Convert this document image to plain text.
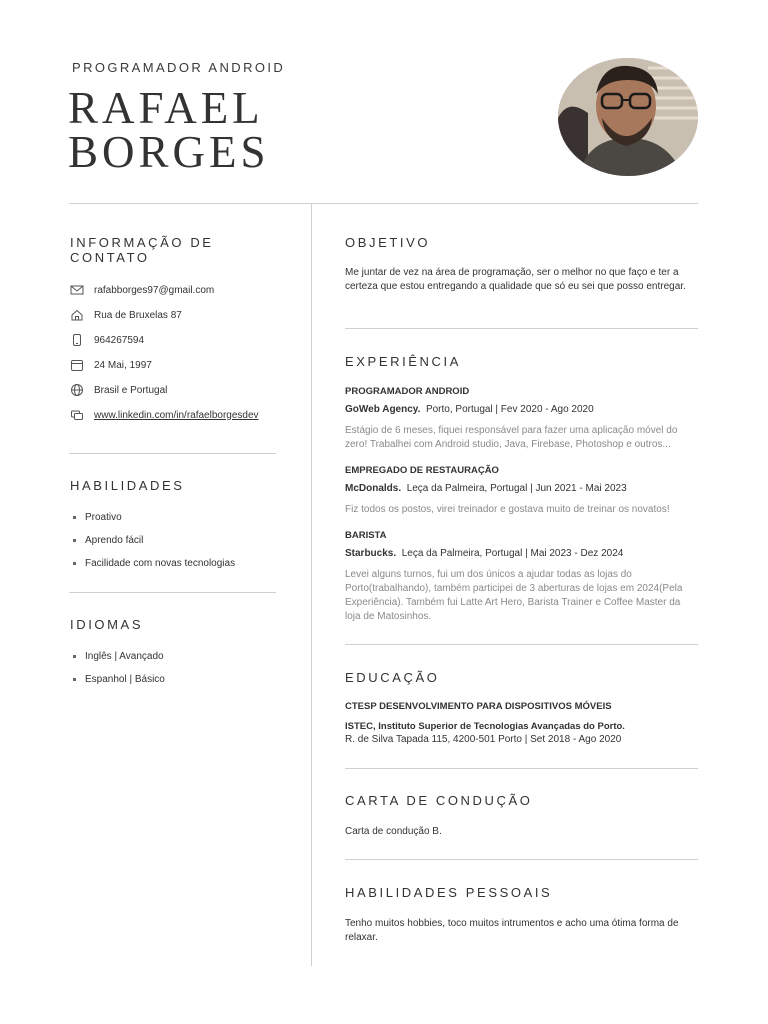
PROGRAMADOR ANDROID
RAFAEL
BORGES
INFORMAÇÃO DE CONTATO
rafabborges97@gmail.com
Rua de Bruxelas 87
964267594
24 Mai, 1997
Brasil e Portugal
www.linkedin.com/in/rafaelborgesdev
HABILIDADES
Proativo
Aprendo fácil
Facilidade com novas tecnologias
IDIOMAS
Inglês | Avançado
Espanhol | Básico
OBJETIVO
Me juntar de vez na área de programação, ser o melhor no que faço e ter a certeza que estou entregando a qualidade que só eu sei que posso entregar.
EXPERIÊNCIA
PROGRAMADOR ANDROID
GoWeb Agency. Porto, Portugal | Fev 2020 - Ago 2020
Estágio de 6 meses, fiquei responsável para fazer uma aplicação móvel do zero! Trabalhei com Android studio, Java, Firebase, Photoshop e outros...
EMPREGADO DE RESTAURAÇÃO
McDonalds. Leça da Palmeira, Portugal | Jun 2021 - Mai 2023
Fiz todos os postos, virei treinador e gostava muito de treinar os novatos!
BARISTA
Starbucks. Leça da Palmeira, Portugal | Mai 2023 - Dez 2024
Levei alguns turnos, fui um dos únicos a ajudar todas as lojas do Porto(trabalhando), também participei de 3 aberturas de lojas em 2024(Pela Experiência). Também fui Latte Art Hero, Barista Trainer e Coffee Master da loja de Matosinhos.
EDUCAÇÃO
CTESP DESENVOLVIMENTO PARA DISPOSITIVOS MÓVEIS
ISTEC, Instituto Superior de Tecnologias Avançadas do Porto.
R. de Silva Tapada 115, 4200-501 Porto | Set 2018 - Ago 2020
CARTA DE CONDUÇÃO
Carta de condução B.
HABILIDADES PESSOAIS
Tenho muitos hobbies, toco muitos intrumentos e acho uma ótima forma de relaxar.
